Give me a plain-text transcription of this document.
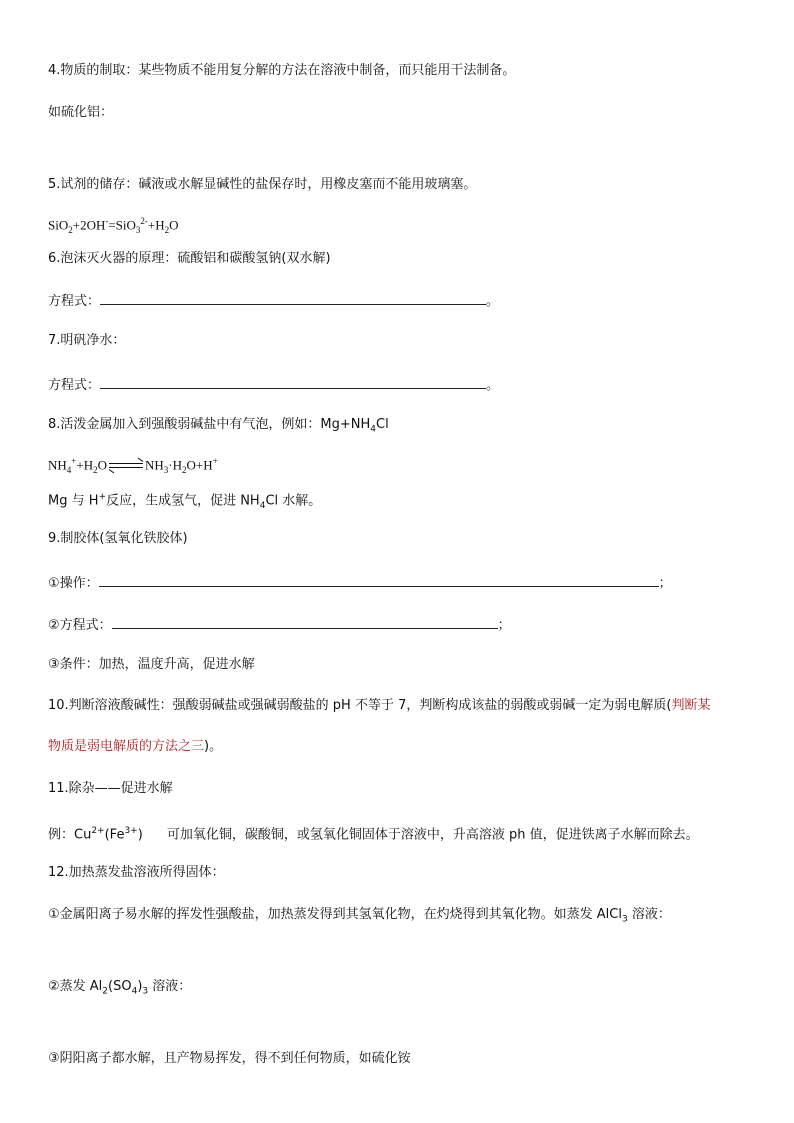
4.物质的制取：某些物质不能用复分解的方法在溶液中制备，而只能用干法制备。
如硫化铝：
5.试剂的储存：碱液或水解显碱性的盐保存时，用橡皮塞而不能用玻璃塞。
$SiO_2+2OH^-=SiO_3^{2-}+H_2O$
6.泡沫灭火器的原理：硫酸铝和碳酸氢钠(双水解)
方程式：	。
7.明矾净水：
方程式：	。
8.活泼金属加入到强酸弱碱盐中有气泡，例如：$Mg+NH_4Cl$
$NH_4^++H_2O$	$NH_3\cdot H_2O+H^+$
Mg 与 H+反应，生成氢气，促进 $NH_4Cl$ 水解。
9.制胶体(氢氧化铁胶体)
①操作：	；
②方程式：	；
③条件：加热，温度升高，促进水解
10.判断溶液酸碱性：强酸弱碱盐或强碱弱酸盐的 pH 不等于 7，判断构成该盐的弱酸或弱碱一定为弱电解质(判断某
物质是弱电解质的方法之三)。
11.除杂——促进水解
例：$Cu^{2+}(Fe^{3+})$ 可加氧化铜，碳酸铜，或氢氧化铜固体于溶液中，升高溶液 ph 值，促进铁离子水解而除去。
12.加热蒸发盐溶液所得固体：
①金属阳离子易水解的挥发性强酸盐，加热蒸发得到其氢氧化物，在灼烧得到其氧化物。如蒸发 AlCl$_3$ 溶液：
②蒸发 $Al_2(SO_4)_3$ 溶液：
③阴阳离子都水解，且产物易挥发，得不到任何物质，如硫化铵
